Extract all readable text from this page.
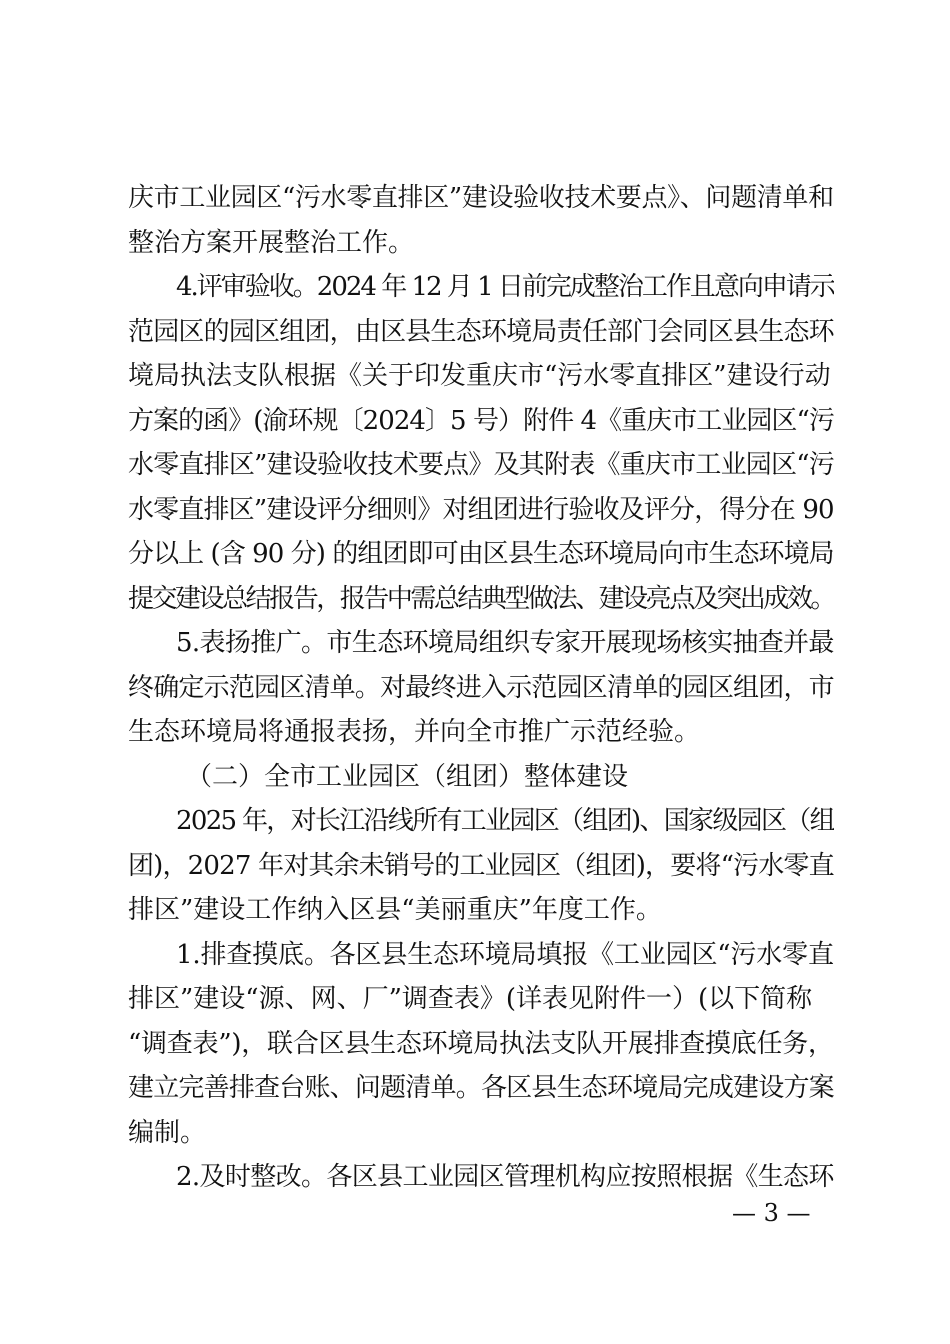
庆市工业园区“污水零直排区”建设验收技术要点》、问题清单和
整治方案开展整治工作。
4.评审验收。2024 年 12 月 1 日前完成整治工作且意向申请示
范园区的园区组团，由区县生态环境局责任部门会同区县生态环
境局执法支队根据《关于印发重庆市“污水零直排区”建设行动
方案的函》(渝环规〔2024〕5 号）附件 4《重庆市工业园区“污
水零直排区”建设验收技术要点》及其附表《重庆市工业园区“污
水零直排区”建设评分细则》对组团进行验收及评分，得分在 90
分以上 (含 90 分) 的组团即可由区县生态环境局向市生态环境局
提交建设总结报告，报告中需总结典型做法、建设亮点及突出成效。
5.表扬推广。市生态环境局组织专家开展现场核实抽查并最
终确定示范园区清单。对最终进入示范园区清单的园区组团，市
生态环境局将通报表扬，并向全市推广示范经验。
（二）全市工业园区（组团）整体建设
2025 年，对长江沿线所有工业园区（组团)、国家级园区（组
团)，2027 年对其余未销号的工业园区（组团)，要将“污水零直
排区”建设工作纳入区县“美丽重庆”年度工作。
1.排查摸底。各区县生态环境局填报《工业园区“污水零直
排区”建设“源、网、厂”调查表》(详表见附件一）(以下简称
“调查表”)，联合区县生态环境局执法支队开展排查摸底任务，
建立完善排查台账、问题清单。各区县生态环境局完成建设方案
编制。
2.及时整改。各区县工业园区管理机构应按照根据《生态环
— 3 —
